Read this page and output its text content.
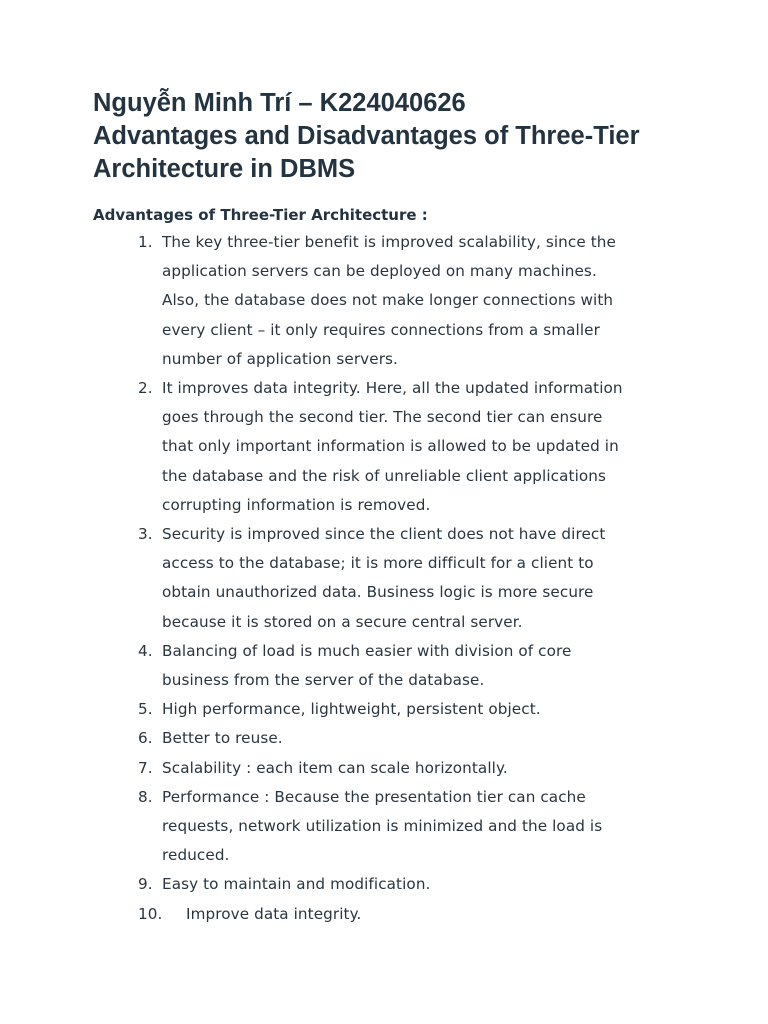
Nguyễn Minh Trí – K224040626
Advantages and Disadvantages of Three-Tier
Architecture in DBMS
Advantages of Three-Tier Architecture :
1. The key three-tier benefit is improved scalability, since the
application servers can be deployed on many machines.
Also, the database does not make longer connections with
every client – it only requires connections from a smaller
number of application servers.
2. It improves data integrity. Here, all the updated information
goes through the second tier. The second tier can ensure
that only important information is allowed to be updated in
the database and the risk of unreliable client applications
corrupting information is removed.
3. Security is improved since the client does not have direct
access to the database; it is more difficult for a client to
obtain unauthorized data. Business logic is more secure
because it is stored on a secure central server.
4. Balancing of load is much easier with division of core
business from the server of the database.
5. High performance, lightweight, persistent object.
6. Better to reuse.
7. Scalability : each item can scale horizontally.
8. Performance : Because the presentation tier can cache
requests, network utilization is minimized and the load is
reduced.
9. Easy to maintain and modification.
10. Improve data integrity.
